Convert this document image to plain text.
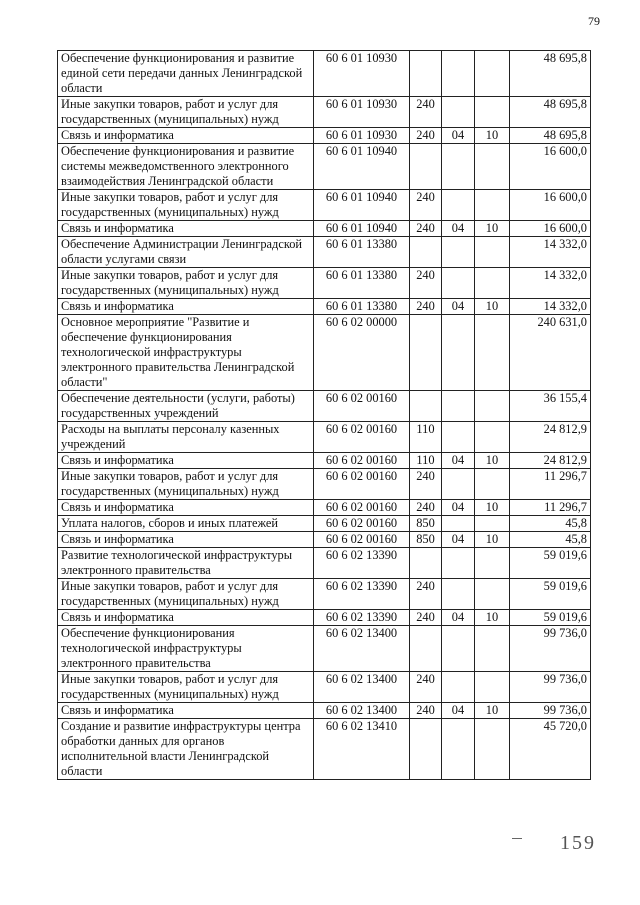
79
Обеспечение функционирования и развитие единой сети передачи данных Ленинградской области	60 6 01 10930				48 695,8
Иные закупки товаров, работ и услуг для государственных (муниципальных) нужд	60 6 01 10930	240			48 695,8
Связь и информатика	60 6 01 10930	240	04	10	48 695,8
Обеспечение функционирования и развитие системы межведомственного электронного взаимодействия Ленинградской области	60 6 01 10940				16 600,0
Иные закупки товаров, работ и услуг для государственных (муниципальных) нужд	60 6 01 10940	240			16 600,0
Связь и информатика	60 6 01 10940	240	04	10	16 600,0
Обеспечение Администрации Ленинградской области услугами связи	60 6 01 13380				14 332,0
Иные закупки товаров, работ и услуг для государственных (муниципальных) нужд	60 6 01 13380	240			14 332,0
Связь и информатика	60 6 01 13380	240	04	10	14 332,0
Основное мероприятие "Развитие и обеспечение функционирования технологической инфраструктуры электронного правительства Ленинградской области"	60 6 02 00000				240 631,0
Обеспечение деятельности (услуги, работы) государственных учреждений	60 6 02 00160				36 155,4
Расходы на выплаты персоналу казенных учреждений	60 6 02 00160	110			24 812,9
Связь и информатика	60 6 02 00160	110	04	10	24 812,9
Иные закупки товаров, работ и услуг для государственных (муниципальных) нужд	60 6 02 00160	240			11 296,7
Связь и информатика	60 6 02 00160	240	04	10	11 296,7
Уплата налогов, сборов и иных платежей	60 6 02 00160	850			45,8
Связь и информатика	60 6 02 00160	850	04	10	45,8
Развитие технологической инфраструктуры электронного правительства	60 6 02 13390				59 019,6
Иные закупки товаров, работ и услуг для государственных (муниципальных) нужд	60 6 02 13390	240			59 019,6
Связь и информатика	60 6 02 13390	240	04	10	59 019,6
Обеспечение функционирования технологической инфраструктуры электронного правительства	60 6 02 13400				99 736,0
Иные закупки товаров, работ и услуг для государственных (муниципальных) нужд	60 6 02 13400	240			99 736,0
Связь и информатика	60 6 02 13400	240	04	10	99 736,0
Создание и развитие инфраструктуры центра обработки данных для органов исполнительной власти Ленинградской области	60 6 02 13410				45 720,0
159
